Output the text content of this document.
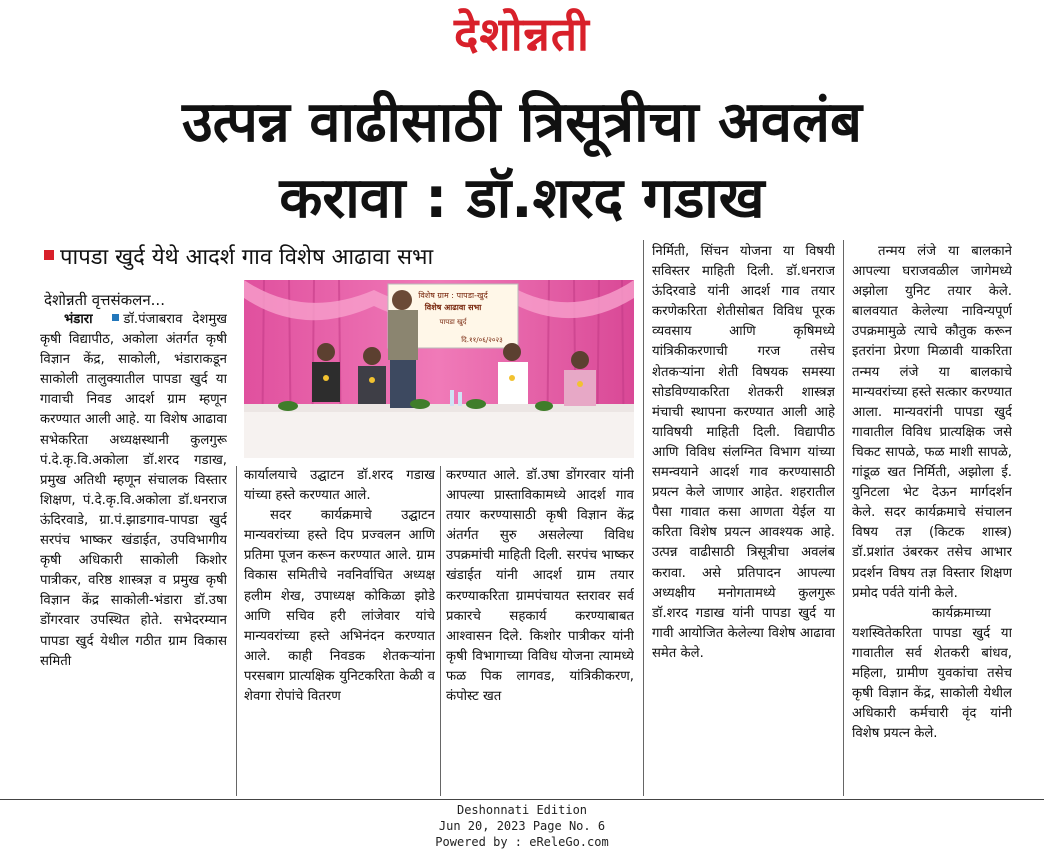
देशोन्नती
उत्पन्न वाढीसाठी त्रिसूत्रीचा अवलंब
करावा : डॉ.शरद गडाख
पापडा खुर्द येथे आदर्श गाव विशेष आढावा सभा
देशोन्नती वृत्तसंकलन...

भंडारा डॉ.पंजाबराव देशमुख कृषी विद्यापीठ, अकोला अंतर्गत कृषी विज्ञान केंद्र, साकोली, भंडाराकडून साकोली तालुक्यातील पापडा खुर्द या गावाची निवड आदर्श ग्राम म्हणून करण्यात आली आहे. या विशेष आढावा सभेकरिता अध्यक्षस्थानी कुलगुरू पं.दे.कृ.वि.अकोला डॉ.शरद गडाख, प्रमुख अतिथी म्हणून संचालक विस्तार शिक्षण, पं.दे.कृ.वि.अकोला डॉ.धनराज ऊंदिरवाडे, ग्रा.पं.झाडगाव-पापडा खुर्द सरपंच भाष्कर खंडाईत, उपविभागीय कृषी अधिकारी साकोली किशोर पात्रीकर, वरिष्ठ शास्त्रज्ञ व प्रमुख कृषी विज्ञान केंद्र साकोली-भंडारा डॉ.उषा डोंगरवार उपस्थित होते. सभेदरम्यान पापडा खुर्द येथील गठीत ग्राम विकास समिती

विशेष ग्राम : पापडा-खुर्द
विशेष आढावा सभा
पापडा खुर्द
दि.११/०६/२०२३

कार्यालयाचे उद्घाटन डॉ.शरद गडाख यांच्या हस्ते करण्यात आले.

सदर कार्यक्रमाचे उद्घाटन मान्यवरांच्या हस्ते दिप प्रज्वलन आणि प्रतिमा पूजन करून करण्यात आले. ग्राम विकास समितीचे नवनिर्वाचित अध्यक्ष हलीम शेख, उपाध्यक्ष कोकिळा झोडे आणि सचिव हरी लांजेवार यांचे मान्यवरांच्या हस्ते अभिनंदन करण्यात आले. काही निवडक शेतकऱ्यांना परसबाग प्रात्यक्षिक युनिटकरिता केळी व शेवगा रोपांचे वितरण

करण्यात आले. डॉ.उषा डोंगरवार यांनी आपल्या प्रास्ताविकामध्ये आदर्श गाव तयार करण्यासाठी कृषी विज्ञान केंद्र अंतर्गत सुरु असलेल्या विविध उपक्रमांची माहिती दिली. सरपंच भाष्कर खंडाईत यांनी आदर्श ग्राम तयार करण्याकरिता ग्रामपंचायत स्तरावर सर्व प्रकारचे सहकार्य करण्याबाबत आश्वासन दिले. किशोर पात्रीकर यांनी कृषी विभागाच्या विविध योजना त्यामध्ये फळ पिक लागवड, यांत्रिकीकरण, कंपोस्ट खत

निर्मिती, सिंचन योजना या विषयी सविस्तर माहिती दिली. डॉ.धनराज ऊंदिरवाडे यांनी आदर्श गाव तयार करणेकरिता शेतीसोबत विविध पूरक व्यवसाय आणि कृषिमध्ये यांत्रिकीकरणाची गरज तसेच शेतकऱ्यांना शेती विषयक समस्या सोडविण्याकरिता शेतकरी शास्त्रज्ञ मंचाची स्थापना करण्यात आली आहे याविषयी माहिती दिली. विद्यापीठ आणि विविध संलग्नित विभाग यांच्या समन्वयाने आदर्श गाव करण्यासाठी प्रयत्न केले जाणार आहेत. शहरातील पैसा गावात कसा आणता येईल या करिता विशेष प्रयत्न आवश्यक आहे. उत्पन्न वाढीसाठी त्रिसूत्रीचा अवलंब करावा. असे प्रतिपादन आपल्या अध्यक्षीय मनोगतामध्ये कुलगुरू डॉ.शरद गडाख यांनी पापडा खुर्द या गावी आयोजित केलेल्या विशेष आढावा समेत केले.

तन्मय लंजे या बालकाने आपल्या घराजवळील जागेमध्ये अझोला युनिट तयार केले. बालवयात केलेल्या नाविन्यपूर्ण उपक्रमामुळे त्याचे कौतुक करून इतरांना प्रेरणा मिळावी याकरिता तन्मय लंजे या बालकाचे मान्यवरांच्या हस्ते सत्कार करण्यात आला. मान्यवरांनी पापडा खुर्द गावातील विविध प्रात्यक्षिक जसे चिकट सापळे, फळ माशी सापळे, गांडूळ खत निर्मिती, अझोला ई. युनिटला भेट देऊन मार्गदर्शन केले. सदर कार्यक्रमाचे संचालन विषय तज्ञ (किटक शास्त्र) डॉ.प्रशांत उंबरकर तसेच आभार प्रदर्शन विषय तज्ञ विस्तार शिक्षण प्रमोद पर्वते यांनी केले.

कार्यक्रमाच्या यशस्वितेकरिता पापडा खुर्द या गावातील सर्व शेतकरी बांधव, महिला, ग्रामीण युवकांचा तसेच कृषी विज्ञान केंद्र, साकोली येथील अधिकारी कर्मचारी वृंद यांनी विशेष प्रयत्न केले.

Deshonnati Edition
Jun 20, 2023 Page No. 6
Powered by : eReleGo.com
